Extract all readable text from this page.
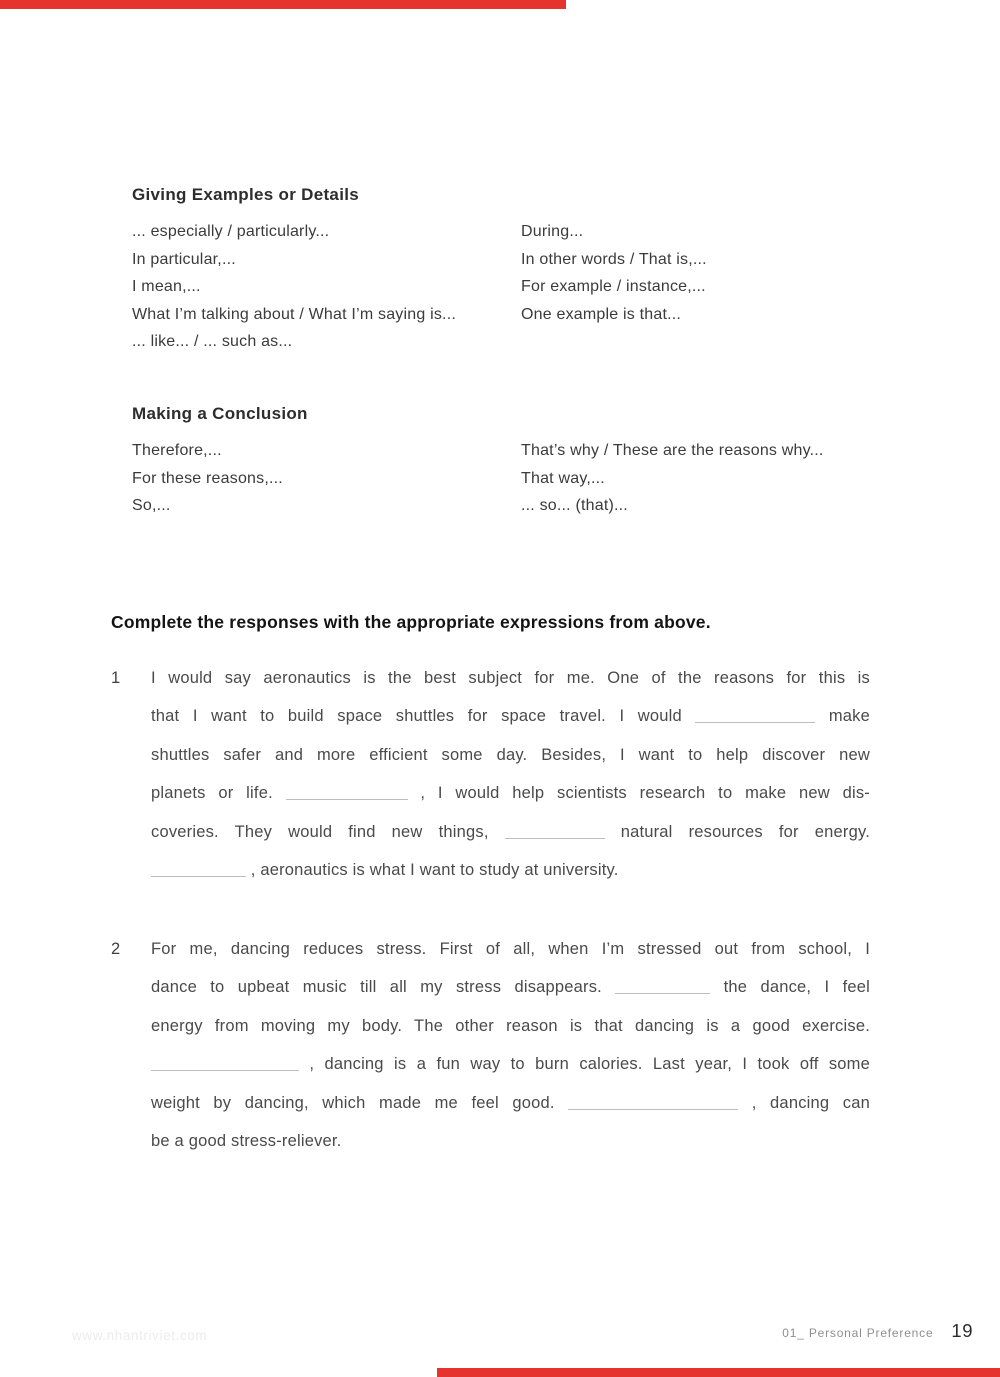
Giving Examples or Details
... especially / particularly...
In particular,...
I mean,...
What I’m talking about / What I’m saying is...
... like... / ... such as...
During...
In other words / That is,...
For example / instance,...
One example is that...
Making a Conclusion
Therefore,...
For these reasons,...
So,...
That’s why / These are the reasons why...
That way,...
... so... (that)...
Complete the responses with the appropriate expressions from above.
1	I would say aeronautics is the best subject for me. One of the reasons for this is
that I want to build space shuttles for space travel. I would	make
shuttles safer and more efficient some day. Besides, I want to help discover new
planets or life.	, I would help scientists research to make new dis-
coveries. They would find new things,	natural resources for energy.
, aeronautics is what I want to study at university.
2	For me, dancing reduces stress. First of all, when I’m stressed out from school, I
dance to upbeat music till all my stress disappears.	the dance, I feel
energy from moving my body. The other reason is that dancing is a good exercise.
, dancing is a fun way to burn calories. Last year, I took off some
weight by dancing, which made me feel good.	, dancing can
be a good stress-reliever.
www.nhantriviet.com	01_ Personal Preference 19
